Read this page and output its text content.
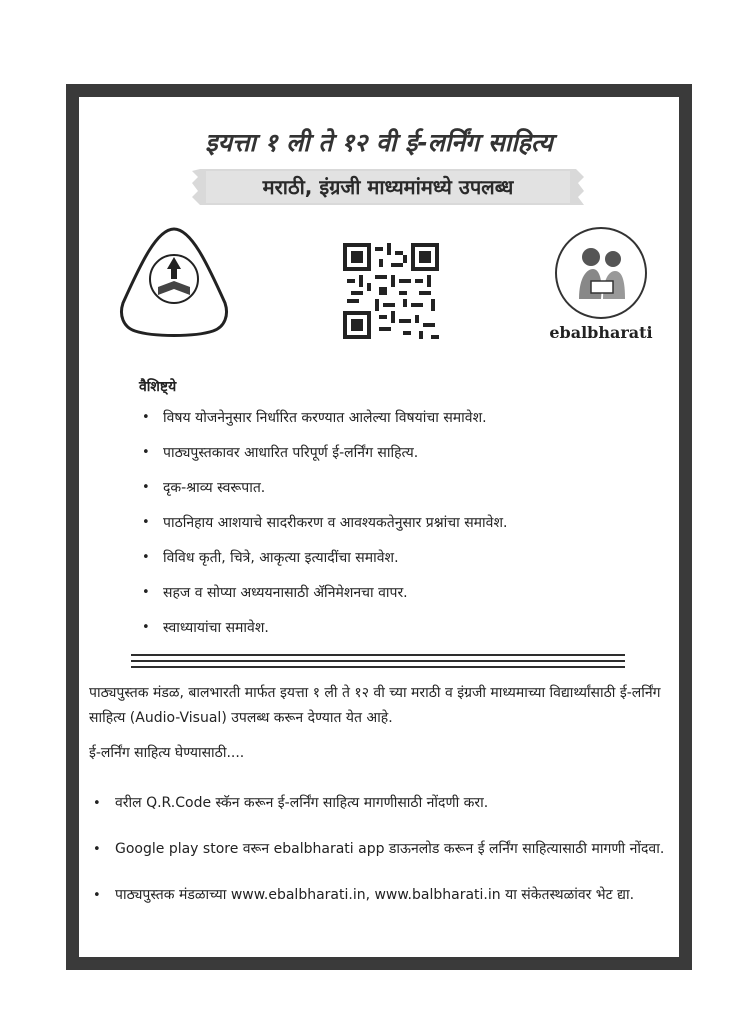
इयत्ता १ ली ते १२ वी ई-लर्निंग साहित्य
मराठी, इंग्रजी माध्यमांमध्ये उपलब्ध
ebalbharati
वैशिष्ट्ये
• विषय योजनेनुसार निर्धारित करण्यात आलेल्या विषयांचा समावेश.
• पाठ्यपुस्तकावर आधारित परिपूर्ण ई-लर्निंग साहित्य.
• दृक-श्राव्य स्वरूपात.
• पाठनिहाय आशयाचे सादरीकरण व आवश्यकतेनुसार प्रश्नांचा समावेश.
• विविध कृती, चित्रे, आकृत्या इत्यादींचा समावेश.
• सहज व सोप्या अध्ययनासाठी ॲनिमेशनचा वापर.
• स्वाध्यायांचा समावेश.
पाठ्यपुस्तक मंडळ, बालभारती मार्फत इयत्ता १ ली ते १२ वी च्या मराठी व इंग्रजी माध्यमाच्या विद्यार्थ्यांसाठी ई-लर्निंग साहित्य (Audio-Visual) उपलब्ध करून देण्यात येत आहे.
ई-लर्निंग साहित्य घेण्यासाठी....
• वरील Q.R.Code स्कॅन करून ई-लर्निंग साहित्य मागणीसाठी नोंदणी करा.
• Google play store वरून ebalbharati app डाऊनलोड करून ई लर्निंग साहित्यासाठी मागणी नोंदवा.
• पाठ्यपुस्तक मंडळाच्या www.ebalbharati.in, www.balbharati.in या संकेतस्थळांवर भेट द्या.
